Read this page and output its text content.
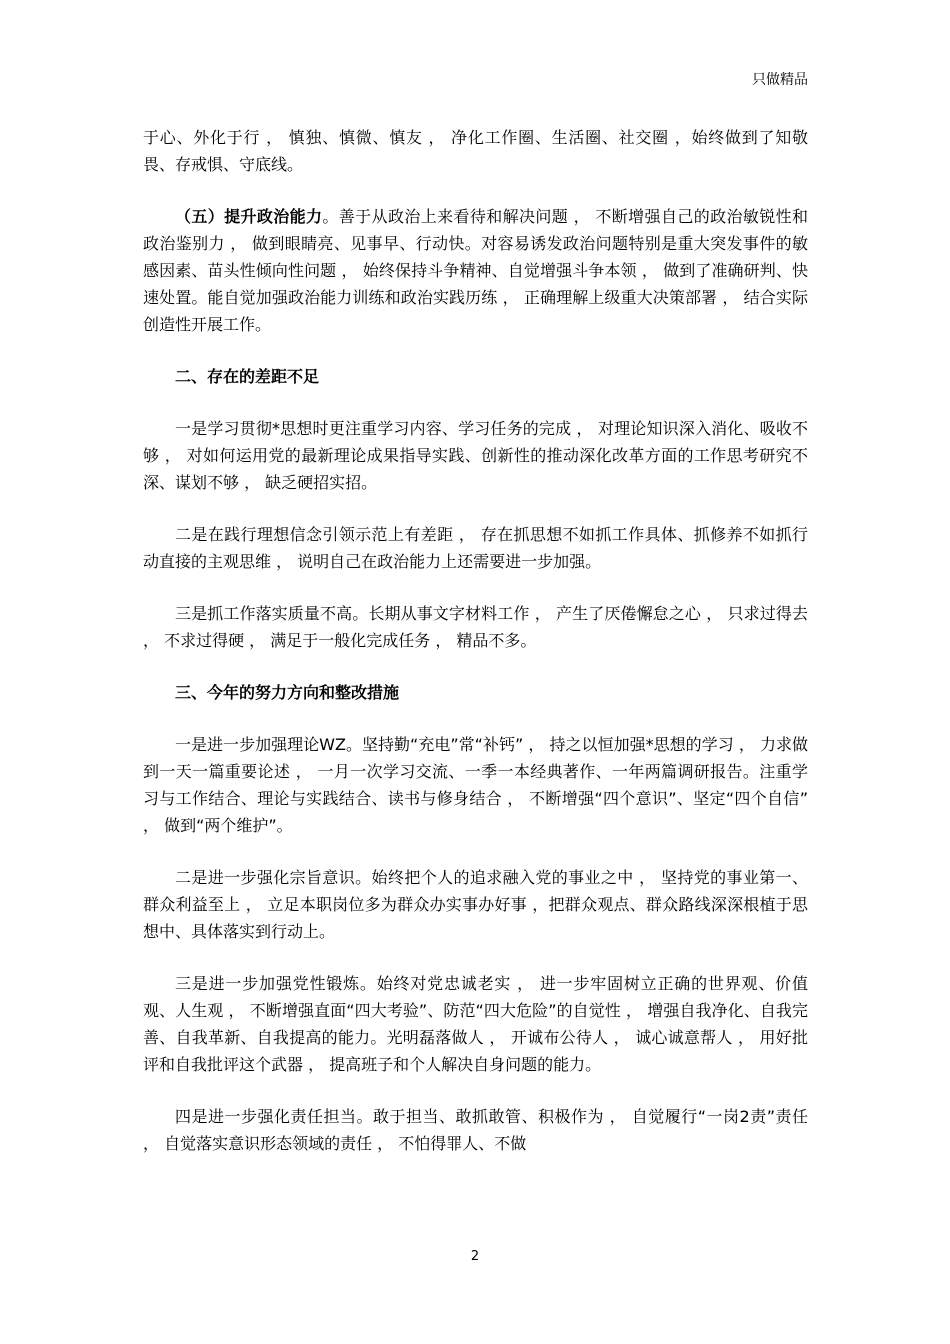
只做精品

于心、外化于行 ， 慎独、慎微、慎友 ， 净化工作圈、生活圈、社交圈 ，始终做到了知敬畏、存戒惧、守底线。

（五）提升政治能力。善于从政治上来看待和解决问题 ， 不断增强自己的政治敏锐性和政治鉴别力 ， 做到眼睛亮、见事早、行动快。对容易诱发政治问题特别是重大突发事件的敏感因素、苗头性倾向性问题 ， 始终保持斗争精神、自觉增强斗争本领 ， 做到了准确研判、快速处置。能自觉加强政治能力训练和政治实践历练 ， 正确理解上级重大决策部署 ， 结合实际创造性开展工作。

二、存在的差距不足

一是学习贯彻*思想时更注重学习内容、学习任务的完成 ， 对理论知识深入消化、吸收不够 ， 对如何运用党的最新理论成果指导实践、创新性的推动深化改革方面的工作思考研究不深、谋划不够 ， 缺乏硬招实招。

二是在践行理想信念引领示范上有差距 ， 存在抓思想不如抓工作具体、抓修养不如抓行动直接的主观思维 ， 说明自己在政治能力上还需要进一步加强。

三是抓工作落实质量不高。长期从事文字材料工作 ， 产生了厌倦懈怠之心 ， 只求过得去 ， 不求过得硬 ， 满足于一般化完成任务 ， 精品不多。

三、今年的努力方向和整改措施

一是进一步加强理论WZ。坚持勤“充电”常“补钙” ， 持之以恒加强*思想的学习 ， 力求做到一天一篇重要论述 ， 一月一次学习交流、一季一本经典著作、一年两篇调研报告。注重学习与工作结合、理论与实践结合、读书与修身结合 ， 不断增强“四个意识”、坚定“四个自信” ， 做到“两个维护”。

二是进一步强化宗旨意识。始终把个人的追求融入党的事业之中 ， 坚持党的事业第一、群众利益至上 ， 立足本职岗位多为群众办实事办好事 ，把群众观点、群众路线深深根植于思想中、具体落实到行动上。

三是进一步加强党性锻炼。始终对党忠诚老实 ， 进一步牢固树立正确的世界观、价值观、人生观 ， 不断增强直面“四大考验”、防范“四大危险”的自觉性 ， 增强自我净化、自我完善、自我革新、自我提高的能力。光明磊落做人 ， 开诚布公待人 ， 诚心诚意帮人 ， 用好批评和自我批评这个武器 ， 提高班子和个人解决自身问题的能力。

四是进一步强化责任担当。敢于担当、敢抓敢管、积极作为 ， 自觉履行“一岗2责”责任 ， 自觉落实意识形态领域的责任 ， 不怕得罪人、不做

2
